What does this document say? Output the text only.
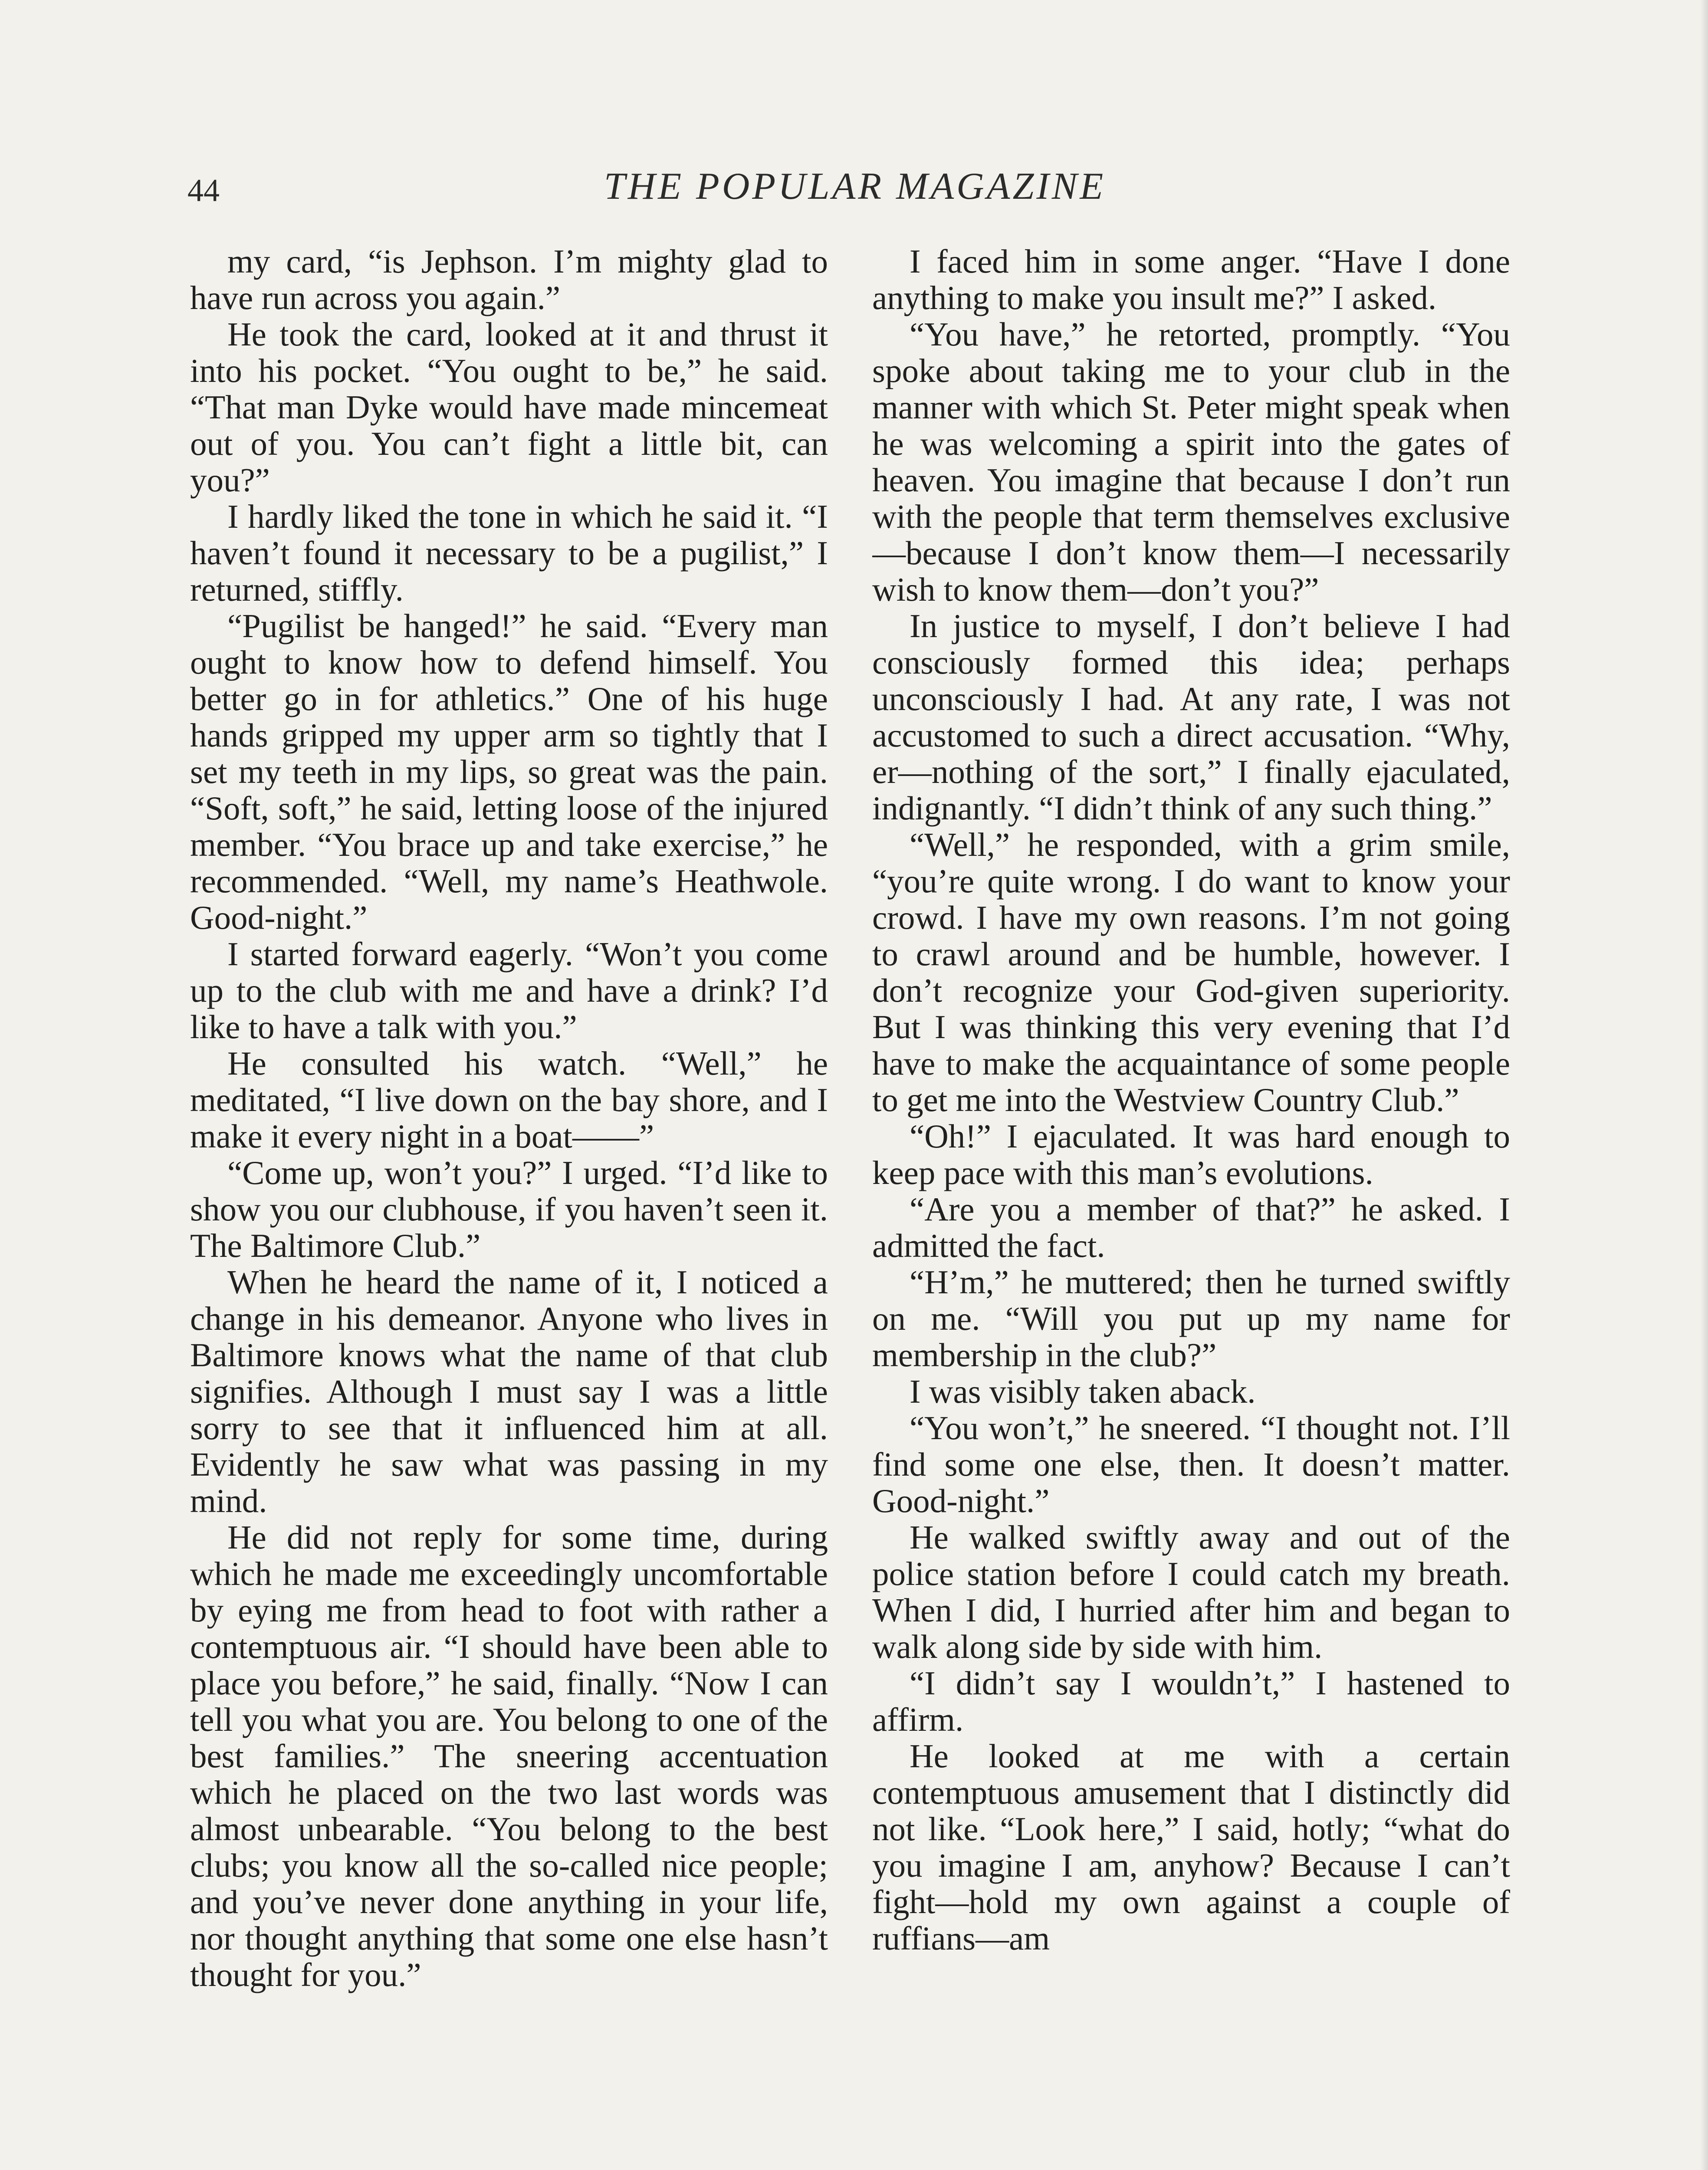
44	THE POPULAR MAGAZINE

my card, “is Jephson. I’m mighty glad to have run across you again.”

He took the card, looked at it and thrust it into his pocket. “You ought to be,” he said. “That man Dyke would have made mincemeat out of you. You can’t fight a little bit, can you?”

I hardly liked the tone in which he said it. “I haven’t found it necessary to be a pugilist,” I returned, stiffly.

“Pugilist be hanged!” he said. “Every man ought to know how to defend himself. You better go in for athletics.” One of his huge hands gripped my upper arm so tightly that I set my teeth in my lips, so great was the pain. “Soft, soft,” he said, letting loose of the injured member. “You brace up and take exercise,” he recommended. “Well, my name’s Heathwole. Good-night.”

I started forward eagerly. “Won’t you come up to the club with me and have a drink? I’d like to have a talk with you.”

He consulted his watch. “Well,” he meditated, “I live down on the bay shore, and I make it every night in a boat——”

“Come up, won’t you?” I urged. “I’d like to show you our clubhouse, if you haven’t seen it. The Baltimore Club.”

When he heard the name of it, I noticed a change in his demeanor. Anyone who lives in Baltimore knows what the name of that club signifies. Although I must say I was a little sorry to see that it influenced him at all. Evidently he saw what was passing in my mind.

He did not reply for some time, during which he made me exceedingly uncomfortable by eying me from head to foot with rather a contemptuous air. “I should have been able to place you before,” he said, finally. “Now I can tell you what you are. You belong to one of the best families.” The sneering accentuation which he placed on the two last words was almost unbearable. “You belong to the best clubs; you know all the so-called nice people; and you’ve never done anything in your life, nor thought anything that some one else hasn’t thought for you.”

I faced him in some anger. “Have I done anything to make you insult me?” I asked.

“You have,” he retorted, promptly. “You spoke about taking me to your club in the manner with which St. Peter might speak when he was welcoming a spirit into the gates of heaven. You imagine that because I don’t run with the people that term themselves exclusive—because I don’t know them—I necessarily wish to know them—don’t you?”

In justice to myself, I don’t believe I had consciously formed this idea; perhaps unconsciously I had. At any rate, I was not accustomed to such a direct accusation. “Why, er—nothing of the sort,” I finally ejaculated, indignantly. “I didn’t think of any such thing.”

“Well,” he responded, with a grim smile, “you’re quite wrong. I do want to know your crowd. I have my own reasons. I’m not going to crawl around and be humble, however. I don’t recognize your God-given superiority. But I was thinking this very evening that I’d have to make the acquaintance of some people to get me into the Westview Country Club.”

“Oh!” I ejaculated. It was hard enough to keep pace with this man’s evolutions.

“Are you a member of that?” he asked. I admitted the fact.

“H’m,” he muttered; then he turned swiftly on me. “Will you put up my name for membership in the club?”

I was visibly taken aback.

“You won’t,” he sneered. “I thought not. I’ll find some one else, then. It doesn’t matter. Good-night.”

He walked swiftly away and out of the police station before I could catch my breath. When I did, I hurried after him and began to walk along side by side with him.

“I didn’t say I wouldn’t,” I hastened to affirm.

He looked at me with a certain contemptuous amusement that I distinctly did not like. “Look here,” I said, hotly; “what do you imagine I am, anyhow? Because I can’t fight—hold my own against a couple of ruffians—am
